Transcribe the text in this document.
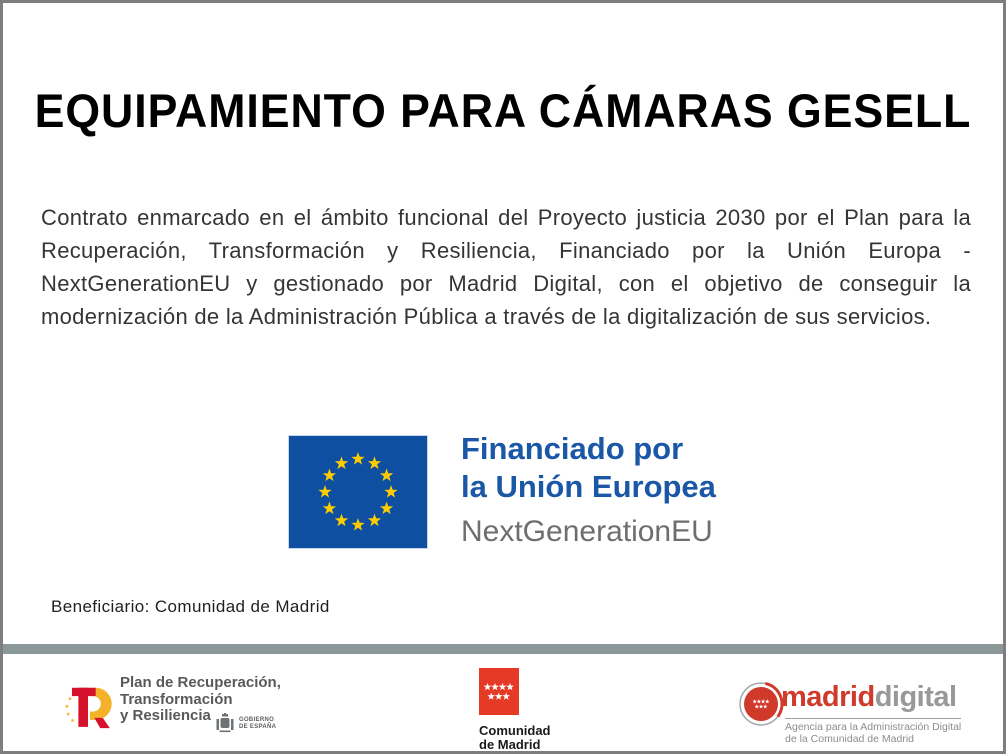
EQUIPAMIENTO PARA CÁMARAS GESELL
Contrato enmarcado en el ámbito funcional del Proyecto justicia 2030 por el Plan para la Recuperación, Transformación y Resiliencia, Financiado por la Unión Europa - NextGenerationEU y gestionado por Madrid Digital, con el objetivo de conseguir la modernización de la Administración Pública a través de la digitalización de sus servicios.
Financiado por
la Unión Europea
NextGenerationEU
Beneficiario: Comunidad de Madrid
Plan de Recuperación,
Transformación
y Resiliencia	GOBIERNO
DE ESPAÑA	Comunidad
de Madrid
madriddigital
Agencia para la Administración Digital
de la Comunidad de Madrid
